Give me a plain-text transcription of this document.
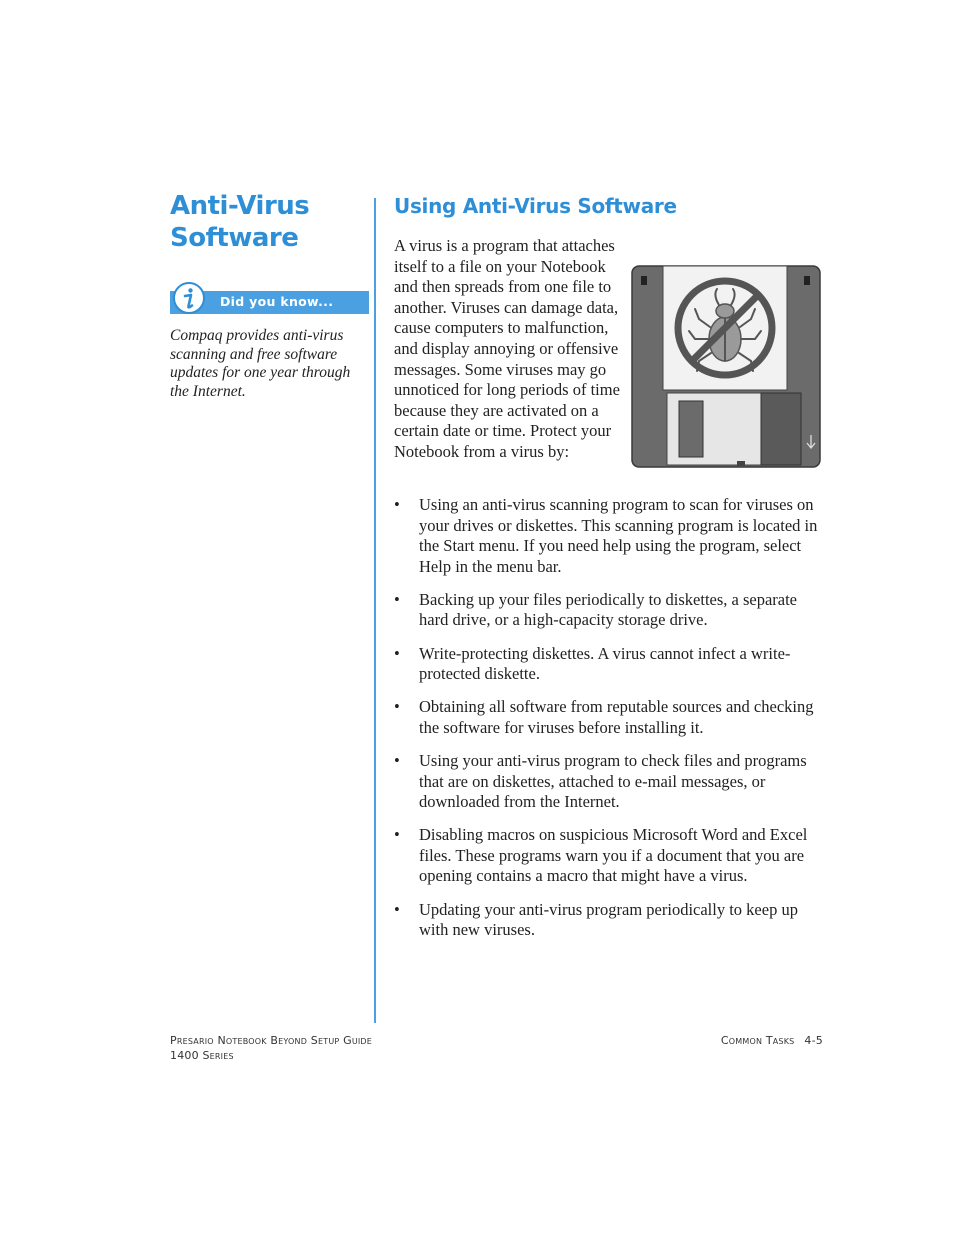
Anti-Virus Software
Did you know...

Compaq provides anti-virus scanning and free software updates for one year through the Internet.

Using Anti-Virus Software

A virus is a program that attaches itself to a file on your Notebook and then spreads from one file to another. Viruses can damage data, cause computers to malfunction, and display annoying or offensive messages. Some viruses may go unnoticed for long periods of time because they are activated on a certain date or time. Protect your Notebook from a virus by:

• Using an anti-virus scanning program to scan for viruses on your drives or diskettes. This scanning program is located in the Start menu. If you need help using the program, select Help in the menu bar.
• Backing up your files periodically to diskettes, a separate hard drive, or a high-capacity storage drive.
• Write-protecting diskettes. A virus cannot infect a write-protected diskette.
• Obtaining all software from reputable sources and checking the software for viruses before installing it.
• Using your anti-virus program to check files and programs that are on diskettes, attached to e-mail messages, or downloaded from the Internet.
• Disabling macros on suspicious Microsoft Word and Excel files. These programs warn you if a document that you are opening contains a macro that might have a virus.
• Updating your anti-virus program periodically to keep up with new viruses.
Presario Notebook Beyond Setup Guide
1400 Series
Common Tasks 4-5
